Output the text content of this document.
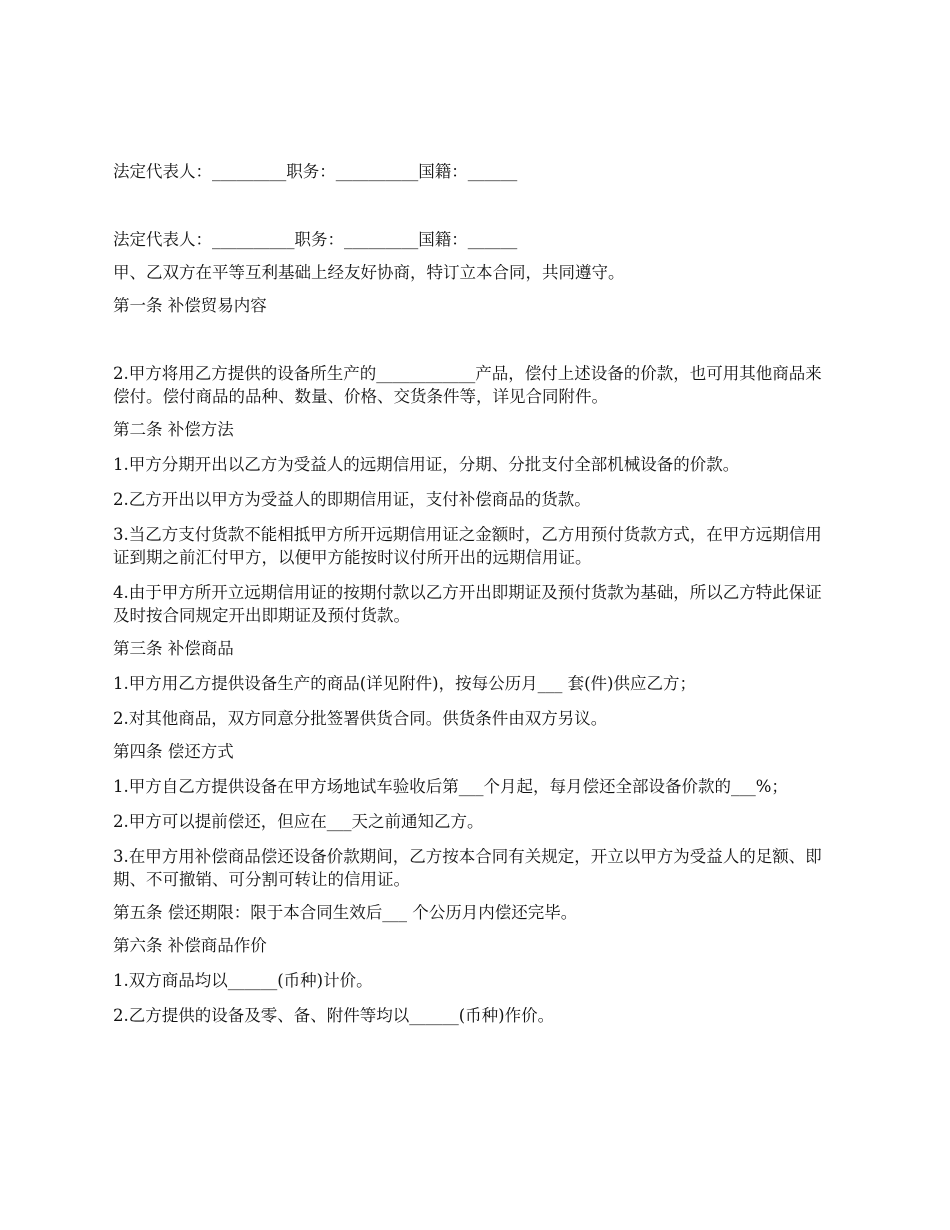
法定代表人：_________职务：__________国籍：______

法定代表人：__________职务：_________国籍：______

甲、乙双方在平等互利基础上经友好协商，特订立本合同，共同遵守。

第一条 补偿贸易内容

2.甲方将用乙方提供的设备所生产的____________产品，偿付上述设备的价款，也可用其他商品来偿付。偿付商品的品种、数量、价格、交货条件等，详见合同附件。

第二条 补偿方法

1.甲方分期开出以乙方为受益人的远期信用证，分期、分批支付全部机械设备的价款。

2.乙方开出以甲方为受益人的即期信用证，支付补偿商品的货款。

3.当乙方支付货款不能相抵甲方所开远期信用证之金额时，乙方用预付货款方式，在甲方远期信用证到期之前汇付甲方，以便甲方能按时议付所开出的远期信用证。

4.由于甲方所开立远期信用证的按期付款以乙方开出即期证及预付货款为基础，所以乙方特此保证及时按合同规定开出即期证及预付货款。

第三条 补偿商品

1.甲方用乙方提供设备生产的商品(详见附件)，按每公历月___ 套(件)供应乙方；

2.对其他商品，双方同意分批签署供货合同。供货条件由双方另议。

第四条 偿还方式

1.甲方自乙方提供设备在甲方场地试车验收后第___个月起，每月偿还全部设备价款的___%；

2.甲方可以提前偿还，但应在___天之前通知乙方。

3.在甲方用补偿商品偿还设备价款期间，乙方按本合同有关规定，开立以甲方为受益人的足额、即期、不可撤销、可分割可转让的信用证。

第五条 偿还期限：限于本合同生效后___ 个公历月内偿还完毕。

第六条 补偿商品作价

1.双方商品均以______(币种)计价。

2.乙方提供的设备及零、备、附件等均以______(币种)作价。
